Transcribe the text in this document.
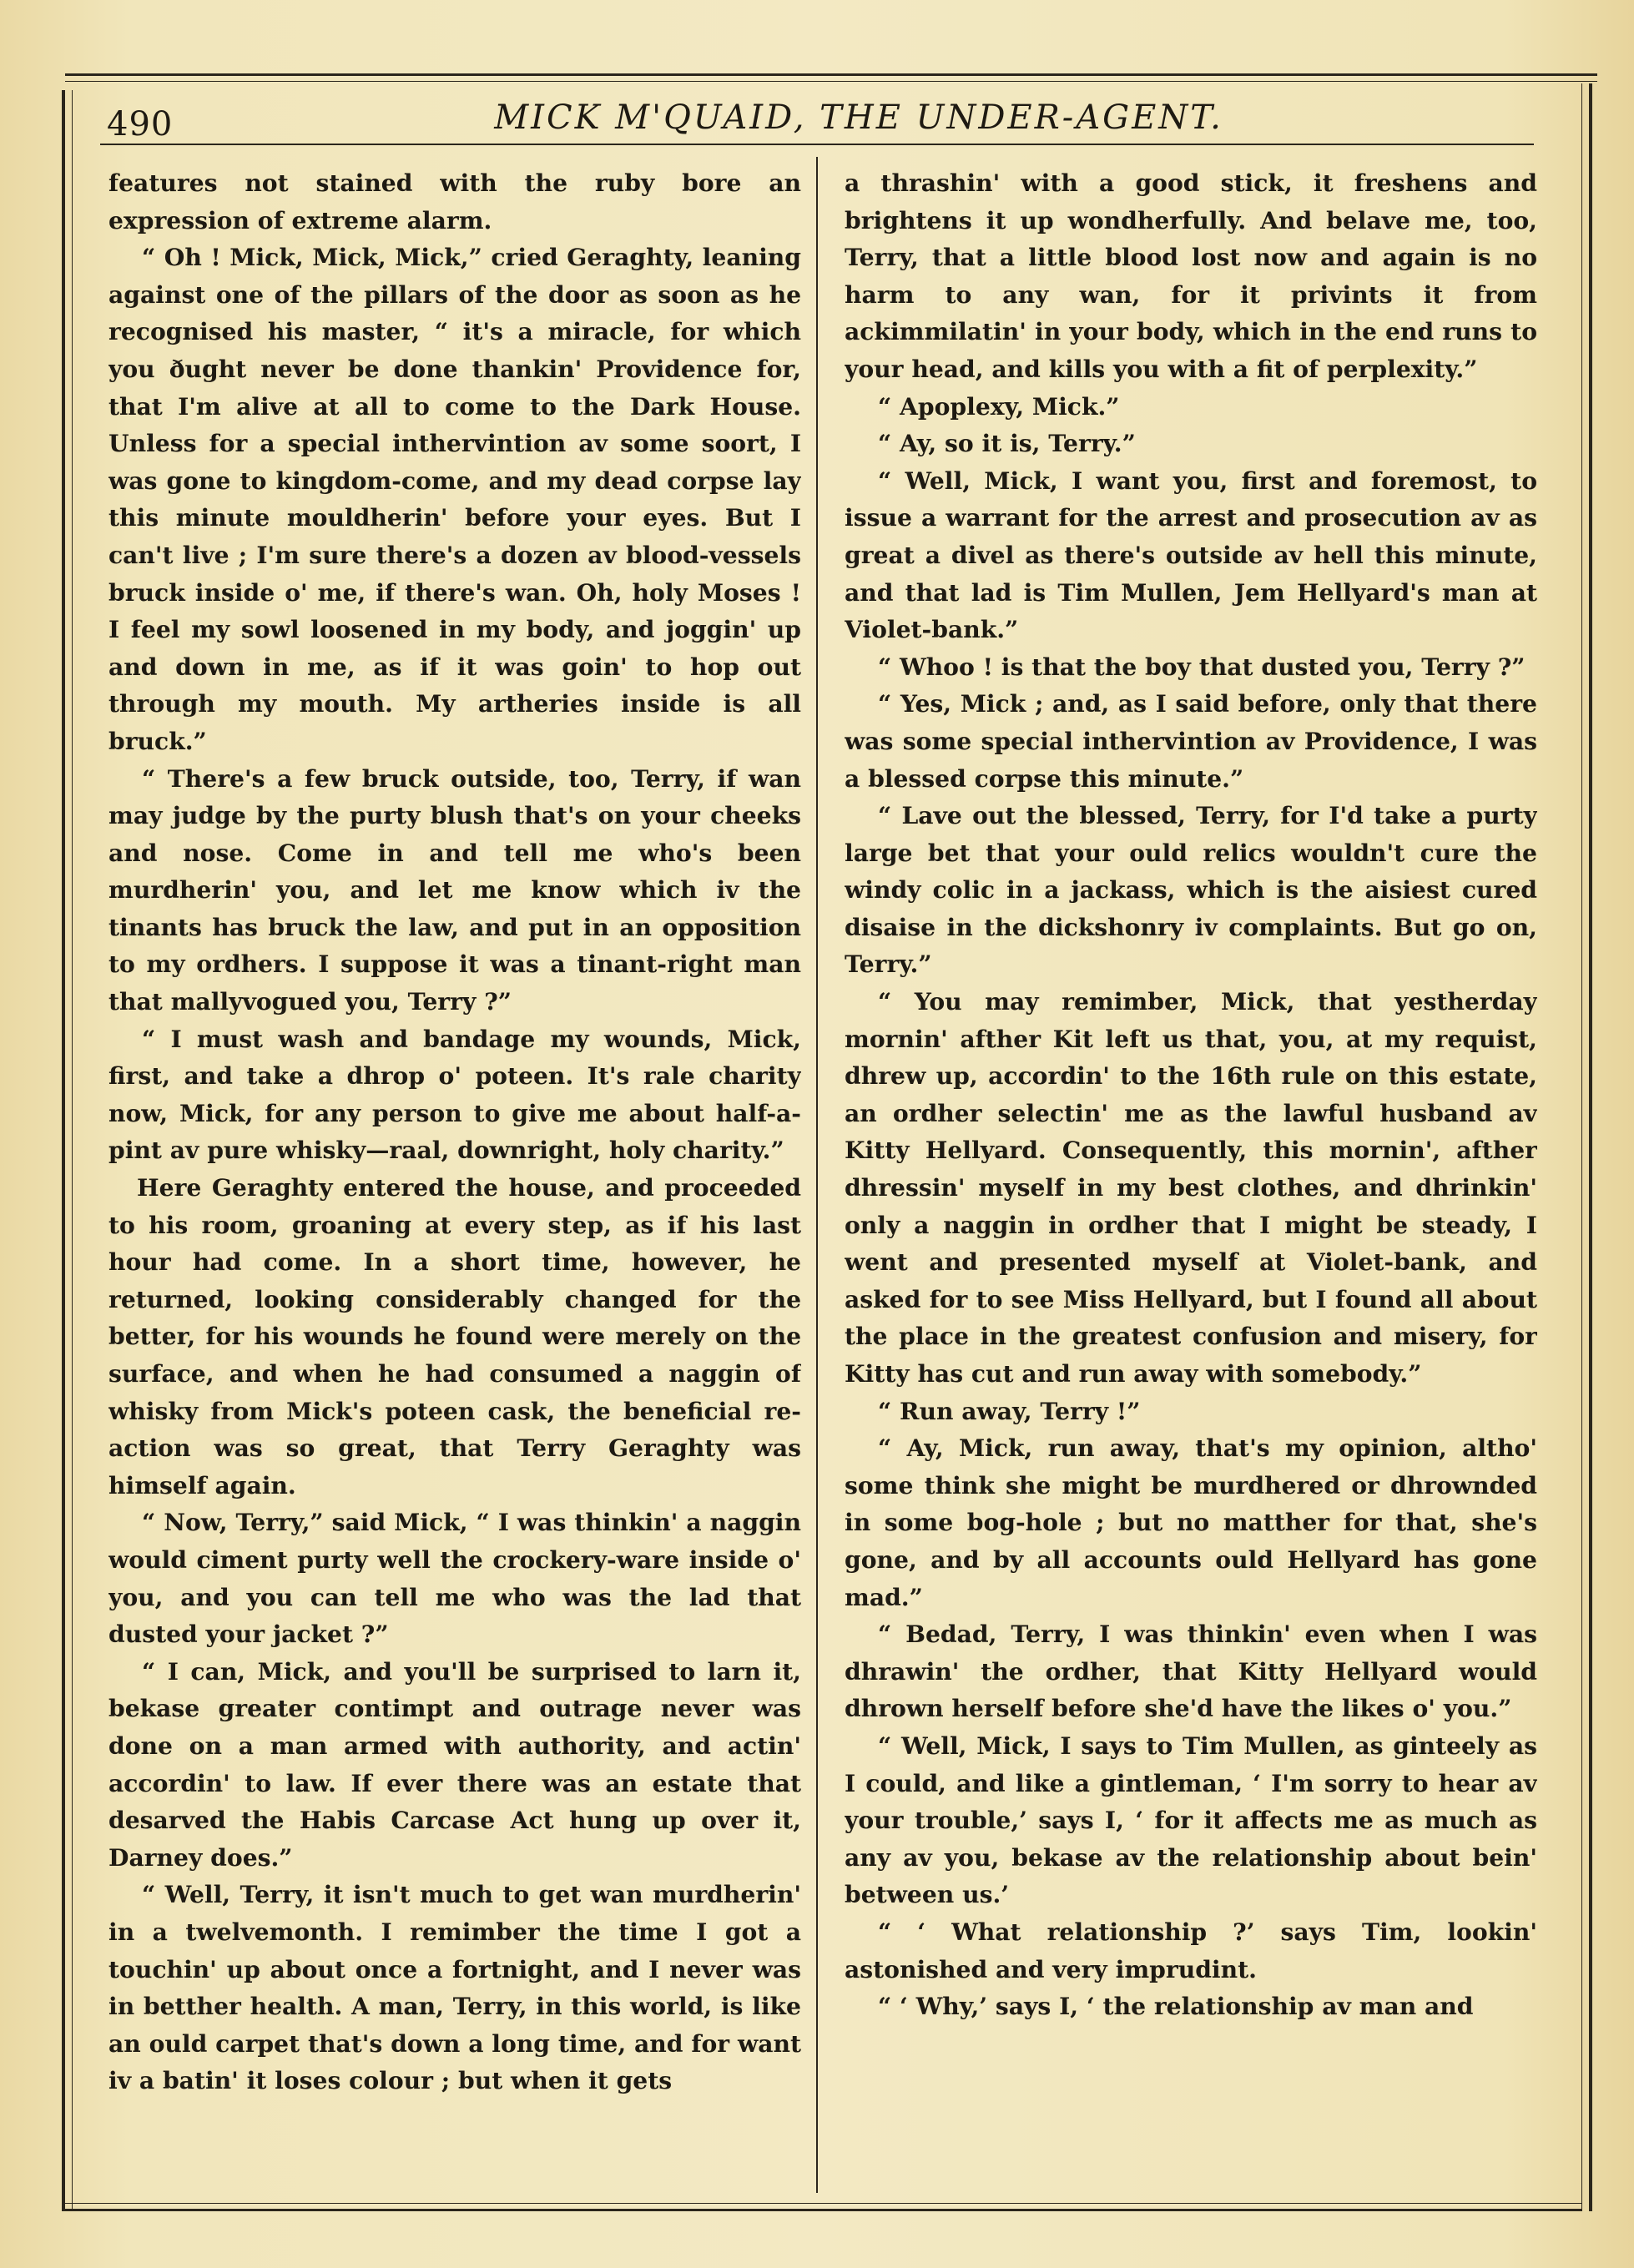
490	MICK M'QUAID, THE UNDER-AGENT.

features not stained with the ruby bore an expression of extreme alarm.

“ Oh ! Mick, Mick, Mick,” cried Geraghty, leaning against one of the pillars of the door as soon as he recognised his master, “ it's a miracle, for which you ðught never be done thankin' Providence for, that I'm alive at all to come to the Dark House. Unless for a special inthervintion av some soort, I was gone to kingdom-come, and my dead corpse lay this minute mouldherin' before your eyes. But I can't live ; I'm sure there's a dozen av blood-vessels bruck inside o' me, if there's wan. Oh, holy Moses ! I feel my sowl loosened in my body, and joggin' up and down in me, as if it was goin' to hop out through my mouth. My artheries inside is all bruck.”

“ There's a few bruck outside, too, Terry, if wan may judge by the purty blush that's on your cheeks and nose. Come in and tell me who's been murdherin' you, and let me know which iv the tinants has bruck the law, and put in an opposition to my ordhers. I suppose it was a tinant-right man that mallyvogued you, Terry ?”

“ I must wash and bandage my wounds, Mick, first, and take a dhrop o' poteen. It's rale charity now, Mick, for any person to give me about half-a-pint av pure whisky—raal, downright, holy charity.”

Here Geraghty entered the house, and proceeded to his room, groaning at every step, as if his last hour had come. In a short time, however, he returned, looking considerably changed for the better, for his wounds he found were merely on the surface, and when he had consumed a naggin of whisky from Mick's poteen cask, the beneficial re-action was so great, that Terry Geraghty was himself again.

“ Now, Terry,” said Mick, “ I was thinkin' a naggin would ciment purty well the crockery-ware inside o' you, and you can tell me who was the lad that dusted your jacket ?”

“ I can, Mick, and you'll be surprised to larn it, bekase greater contimpt and outrage never was done on a man armed with authority, and actin' accordin' to law. If ever there was an estate that desarved the Habis Carcase Act hung up over it, Darney does.”

“ Well, Terry, it isn't much to get wan murdherin' in a twelvemonth. I remimber the time I got a touchin' up about once a fortnight, and I never was in betther health. A man, Terry, in this world, is like an ould carpet that's down a long time, and for want iv a batin' it loses colour ; but when it gets

a thrashin' with a good stick, it freshens and brightens it up wondherfully. And belave me, too, Terry, that a little blood lost now and again is no harm to any wan, for it privints it from ackimmilatin' in your body, which in the end runs to your head, and kills you with a fit of perplexity.”

“ Apoplexy, Mick.”

“ Ay, so it is, Terry.”

“ Well, Mick, I want you, first and foremost, to issue a warrant for the arrest and prosecution av as great a divel as there's outside av hell this minute, and that lad is Tim Mullen, Jem Hellyard's man at Violet-bank.”

“ Whoo ! is that the boy that dusted you, Terry ?”

“ Yes, Mick ; and, as I said before, only that there was some special inthervintion av Providence, I was a blessed corpse this minute.”

“ Lave out the blessed, Terry, for I'd take a purty large bet that your ould relics wouldn't cure the windy colic in a jackass, which is the aisiest cured disaise in the dickshonry iv complaints. But go on, Terry.”

“ You may remimber, Mick, that yestherday mornin' afther Kit left us that, you, at my requist, dhrew up, accordin' to the 16th rule on this estate, an ordher selectin' me as the lawful husband av Kitty Hellyard. Consequently, this mornin', afther dhressin' myself in my best clothes, and dhrinkin' only a naggin in ordher that I might be steady, I went and presented myself at Violet-bank, and asked for to see Miss Hellyard, but I found all about the place in the greatest confusion and misery, for Kitty has cut and run away with somebody.”

“ Run away, Terry !”

“ Ay, Mick, run away, that's my opinion, altho' some think she might be murdhered or dhrownded in some bog-hole ; but no matther for that, she's gone, and by all accounts ould Hellyard has gone mad.”

“ Bedad, Terry, I was thinkin' even when I was dhrawin' the ordher, that Kitty Hellyard would dhrown herself before she'd have the likes o' you.”

“ Well, Mick, I says to Tim Mullen, as ginteely as I could, and like a gintleman, ‘ I'm sorry to hear av your trouble,’ says I, ‘ for it affects me as much as any av you, bekase av the relationship about bein' between us.’

“ ‘ What relationship ?’ says Tim, lookin' astonished and very imprudint.

“ ‘ Why,’ says I, ‘ the relationship av man and
